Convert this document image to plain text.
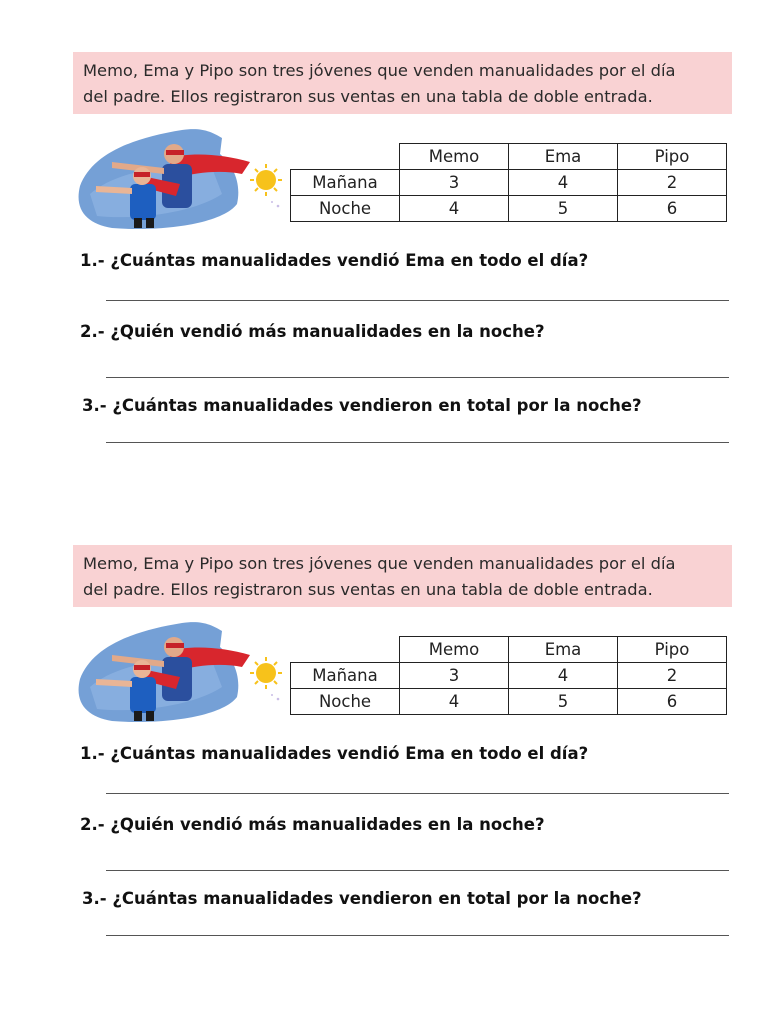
Memo, Ema y Pipo son tres jóvenes que venden manualidades por el día
del padre. Ellos registraron sus ventas en una tabla de doble entrada.
	Memo	Ema	Pipo
Mañana	3	4	2
Noche	4	5	6
1.- ¿Cuántas manualidades vendió Ema en todo el día?
2.- ¿Quién vendió más manualidades en la noche?
3.- ¿Cuántas manualidades vendieron en total por la noche?
Memo, Ema y Pipo son tres jóvenes que venden manualidades por el día
del padre. Ellos registraron sus ventas en una tabla de doble entrada.
	Memo	Ema	Pipo
Mañana	3	4	2
Noche	4	5	6
1.- ¿Cuántas manualidades vendió Ema en todo el día?
2.- ¿Quién vendió más manualidades en la noche?
3.- ¿Cuántas manualidades vendieron en total por la noche?
